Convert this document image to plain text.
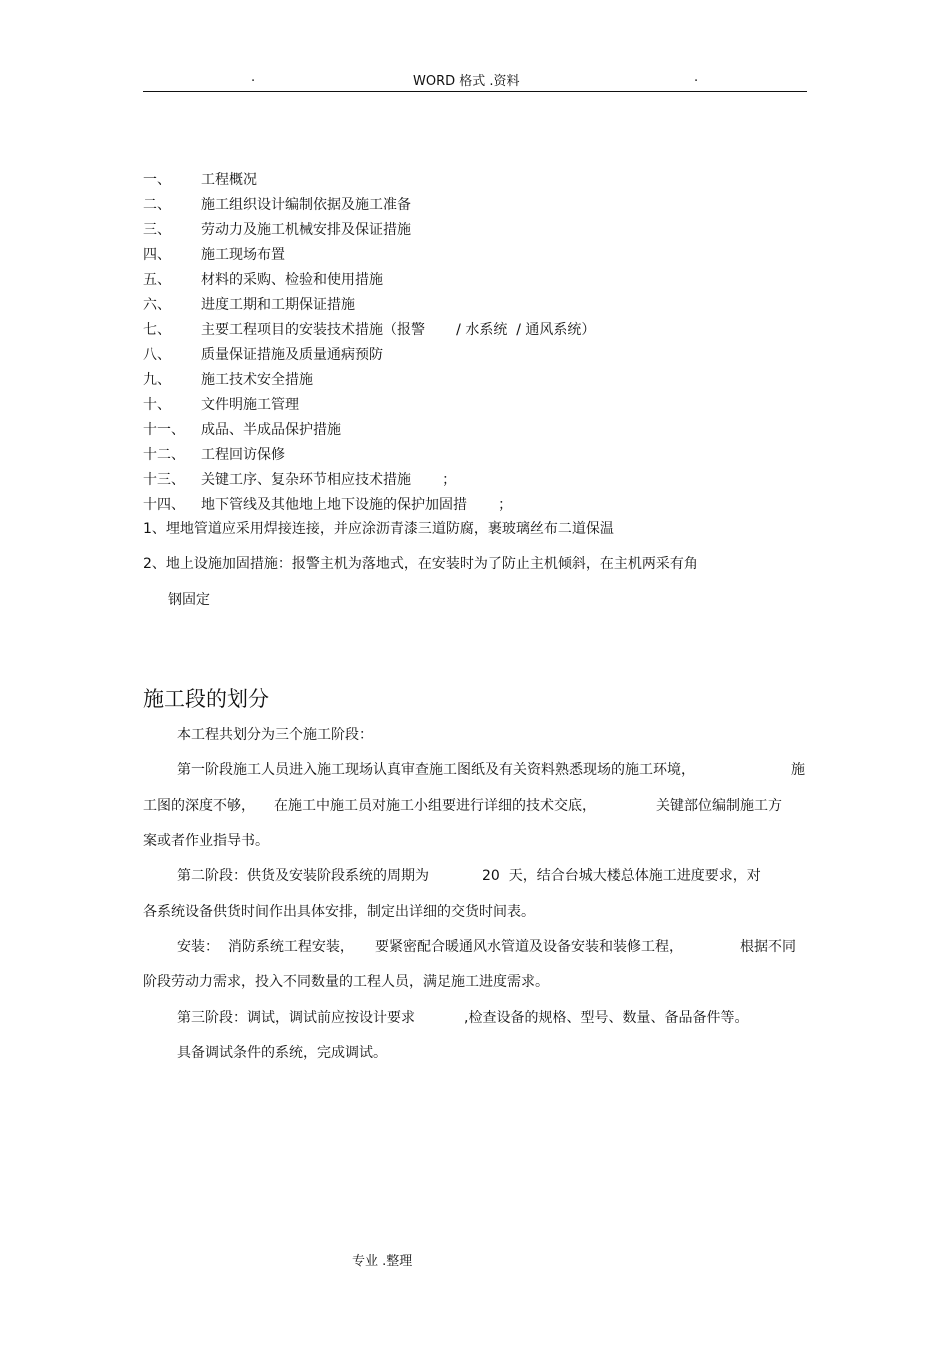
.	WORD 格式 .资料	.
一、 工程概况
二、 施工组织设计编制依据及施工准备
三、 劳动力及施工机械安排及保证措施
四、 施工现场布置
五、 材料的采购、检验和使用措施
六、 进度工期和工期保证措施
七、 主要工程项目的安装技术措施（报警       / 水系统  / 通风系统）
八、 质量保证措施及质量通病预防
九、 施工技术安全措施
十、 文件明施工管理
十一、 成品、半成品保护措施
十二、 工程回访保修
十三、 关键工序、复杂环节相应技术措施       ；
十四、 地下管线及其他地上地下设施的保护加固措       ；
1、埋地管道应采用焊接连接，并应涂沥青漆三道防腐，裹玻璃丝布二道保温
2、地上设施加固措施：报警主机为落地式，在安装时为了防止主机倾斜，在主机两采有角
钢固定
施工段的划分
本工程共划分为三个施工阶段：

第一阶段施工人员进入施工现场认真审查施工图纸及有关资料熟悉现场的施工环境，

	施

工图的深度不够，

在施工中施工员对施工小组要进行详细的技术交底，

	关键部位编制施工方

案或者作业指导书。

第二阶段：供货及安装阶段系统的周期为

	20  天，结合台城大楼总体施工进度要求，对

各系统设备供货时间作出具体安排，制定出详细的交货时间表。

安装：  消防系统工程安装，

要紧密配合暖通风水管道及设备安装和装修工程，

	根据不同

阶段劳动力需求，投入不同数量的工程人员，满足施工进度需求。

第三阶段：调试，调试前应按设计要求

	,检查设备的规格、型号、数量、备品备件等。

具备调试条件的系统，完成调试。
专业 .整理
